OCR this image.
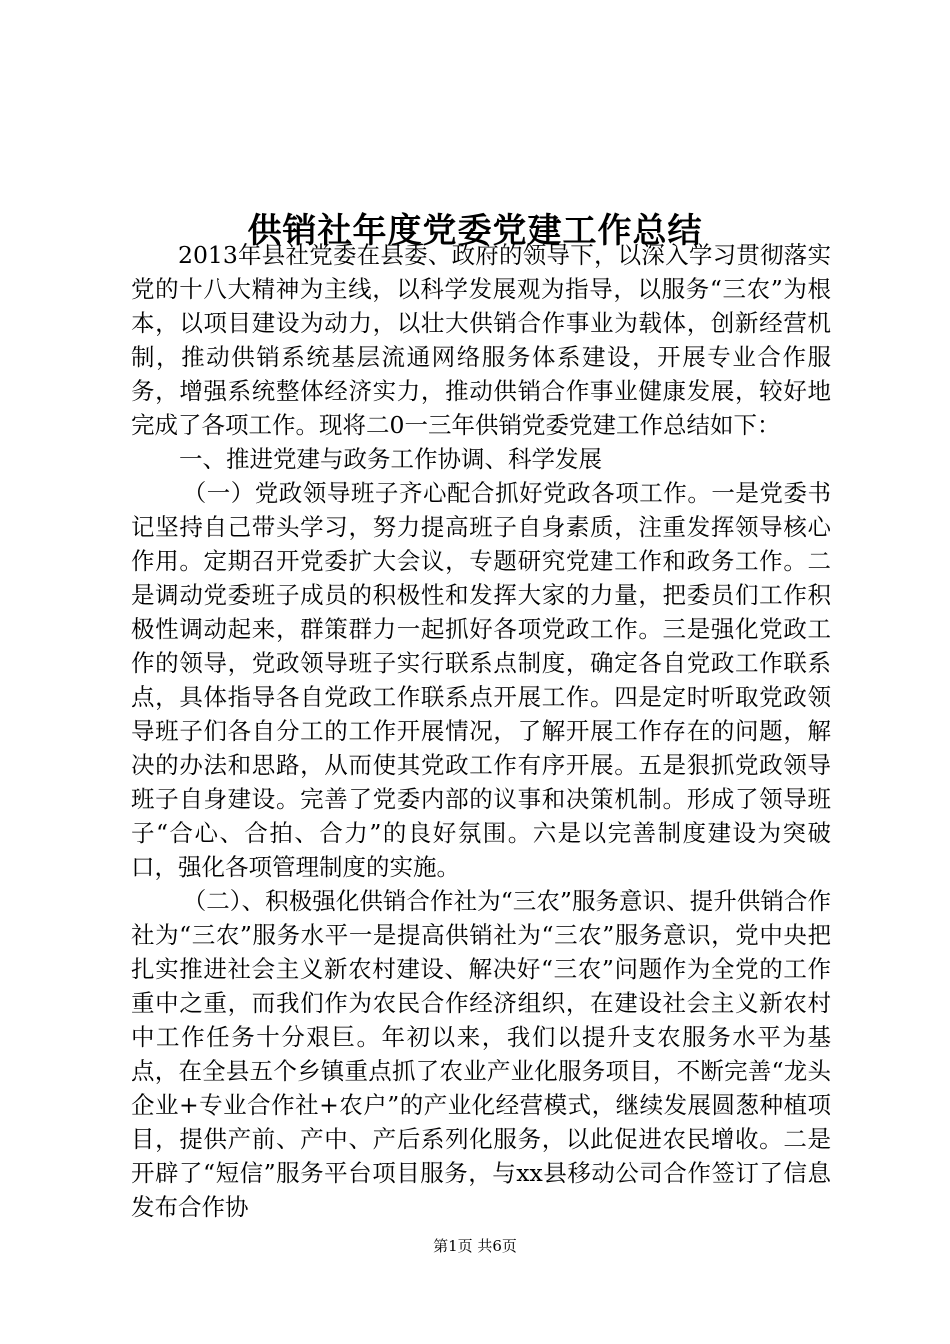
供销社年度党委党建工作总结

2013年县社党委在县委、政府的领导下，以深入学习贯彻落实党的十八大精神为主线，以科学发展观为指导，以服务“三农”为根本，以项目建设为动力，以壮大供销合作事业为载体，创新经营机制，推动供销系统基层流通网络服务体系建设，开展专业合作服务，增强系统整体经济实力，推动供销合作事业健康发展，较好地完成了各项工作。现将二0一三年供销党委党建工作总结如下：

一、推进党建与政务工作协调、科学发展

（一）党政领导班子齐心配合抓好党政各项工作。一是党委书记坚持自己带头学习，努力提高班子自身素质，注重发挥领导核心作用。定期召开党委扩大会议，专题研究党建工作和政务工作。二是调动党委班子成员的积极性和发挥大家的力量，把委员们工作积极性调动起来，群策群力一起抓好各项党政工作。三是强化党政工作的领导，党政领导班子实行联系点制度，确定各自党政工作联系点，具体指导各自党政工作联系点开展工作。四是定时听取党政领导班子们各自分工的工作开展情况，了解开展工作存在的问题，解决的办法和思路，从而使其党政工作有序开展。五是狠抓党政领导班子自身建设。完善了党委内部的议事和决策机制。形成了领导班子“合心、合拍、合力”的良好氛围。六是以完善制度建设为突破口，强化各项管理制度的实施。

（二）、积极强化供销合作社为“三农”服务意识、提升供销合作社为“三农”服务水平一是提高供销社为“三农”服务意识，党中央把扎实推进社会主义新农村建设、解决好“三农”问题作为全党的工作重中之重，而我们作为农民合作经济组织，在建设社会主义新农村中工作任务十分艰巨。年初以来，我们以提升支农服务水平为基点，在全县五个乡镇重点抓了农业产业化服务项目，不断完善“龙头企业+专业合作社+农户”的产业化经营模式，继续发展圆葱种植项目，提供产前、产中、产后系列化服务，以此促进农民增收。二是开辟了“短信”服务平台项目服务，与xx县移动公司合作签订了信息发布合作协

第1页 共6页
